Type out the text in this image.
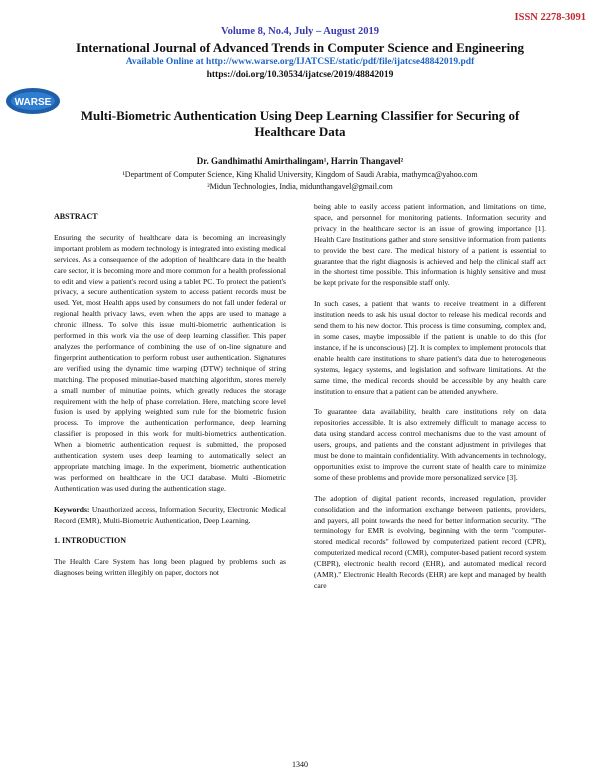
ISSN 2278-3091
Volume 8, No.4, July – August 2019
International Journal of Advanced Trends in Computer Science and Engineering
Available Online at http://www.warse.org/IJATCSE/static/pdf/file/ijatcse48842019.pdf
https://doi.org/10.30534/ijatcse/2019/48842019
WARSE
Multi-Biometric Authentication Using Deep Learning Classifier for Securing of Healthcare Data
Dr. Gandhimathi Amirthalingam¹, Harrin Thangavel²
¹Department of Computer Science, King Khalid University, Kingdom of Saudi Arabia, mathymca@yahoo.com
²Midun Technologies, India, midunthangavel@gmail.com
ABSTRACT

Ensuring the security of healthcare data is becoming an increasingly important problem as modern technology is integrated into existing medical services. As a consequence of the adoption of healthcare data in the health care sector, it is becoming more and more common for a health professional to edit and view a patient's record using a tablet PC. To protect the patient's privacy, a secure authentication system to access patient records must be used. Yet, most Health apps used by consumers do not fall under federal or regional health privacy laws, even when the apps are used to manage a chronic illness. To solve this issue multi-biometric authentication is performed in this work via the use of deep learning classifier. This paper analyzes the performance of combining the use of on-line signature and fingerprint authentication to perform robust user authentication. Signatures are verified using the dynamic time warping (DTW) technique of string matching. The proposed minutiae-based matching algorithm, stores merely a small number of minutiae points, which greatly reduces the storage requirement with the help of phase correlation. Here, matching score level fusion is used by applying weighted sum rule for the biometric fusion process. To improve the authentication performance, deep learning classifier is proposed in this work for multi-biometrics authentication. When a biometric authentication request is submitted, the proposed authentication system uses deep learning to automatically select an appropriate matching image. In the experiment, biometric authentication was performed on healthcare in the UCI database. Multi -Biometric Authentication was used during the authentication stage.

Keywords: Unauthorized access, Information Security, Electronic Medical Record (EMR), Multi-Biometric Authentication, Deep Learning.

1. INTRODUCTION

The Health Care System has long been plagued by problems such as diagnoses being written illegibly on paper, doctors not

being able to easily access patient information, and limitations on time, space, and personnel for monitoring patients. Information security and privacy in the healthcare sector is an issue of growing importance [1]. Health Care Institutions gather and store sensitive information from patients to provide the best care. The medical history of a patient is essential to guarantee that the right diagnosis is achieved and help the clinical staff act in the shortest time possible. This information is highly sensitive and must be kept private for the responsible staff only.

In such cases, a patient that wants to receive treatment in a different institution needs to ask his usual doctor to release his medical records and send them to his new doctor. This process is time consuming, complex and, in some cases, maybe impossible if the patient is unable to do this (for instance, if he is unconscious) [2]. It is complex to implement protocols that enable health care institutions to share patient's data due to heterogeneous systems, legacy systems, and legislation and software limitations. At the same time, the medical records should be accessible by any health care institution to ensure that a patient can be attended anywhere.

To guarantee data availability, health care institutions rely on data repositories accessible. It is also extremely difficult to manage access to data using standard access control mechanisms due to the vast amount of users, groups, and patients and the constant adjustment in privileges that must be done to maintain confidentiality. With advancements in technology, opportunities exist to improve the current state of health care to minimize some of these problems and provide more personalized service [3].

The adoption of digital patient records, increased regulation, provider consolidation and the information exchange between patients, providers, and payers, all point towards the need for better information security. "The terminology for EMR is evolving, beginning with the term "computer-stored medical records" followed by computerized patient record (CPR), computerized medical record (CMR), computer-based patient record system (CBPR), electronic health record (EHR), and automated medical record (AMR)." Electronic Health Records (EHR) are kept and managed by health care

1340
